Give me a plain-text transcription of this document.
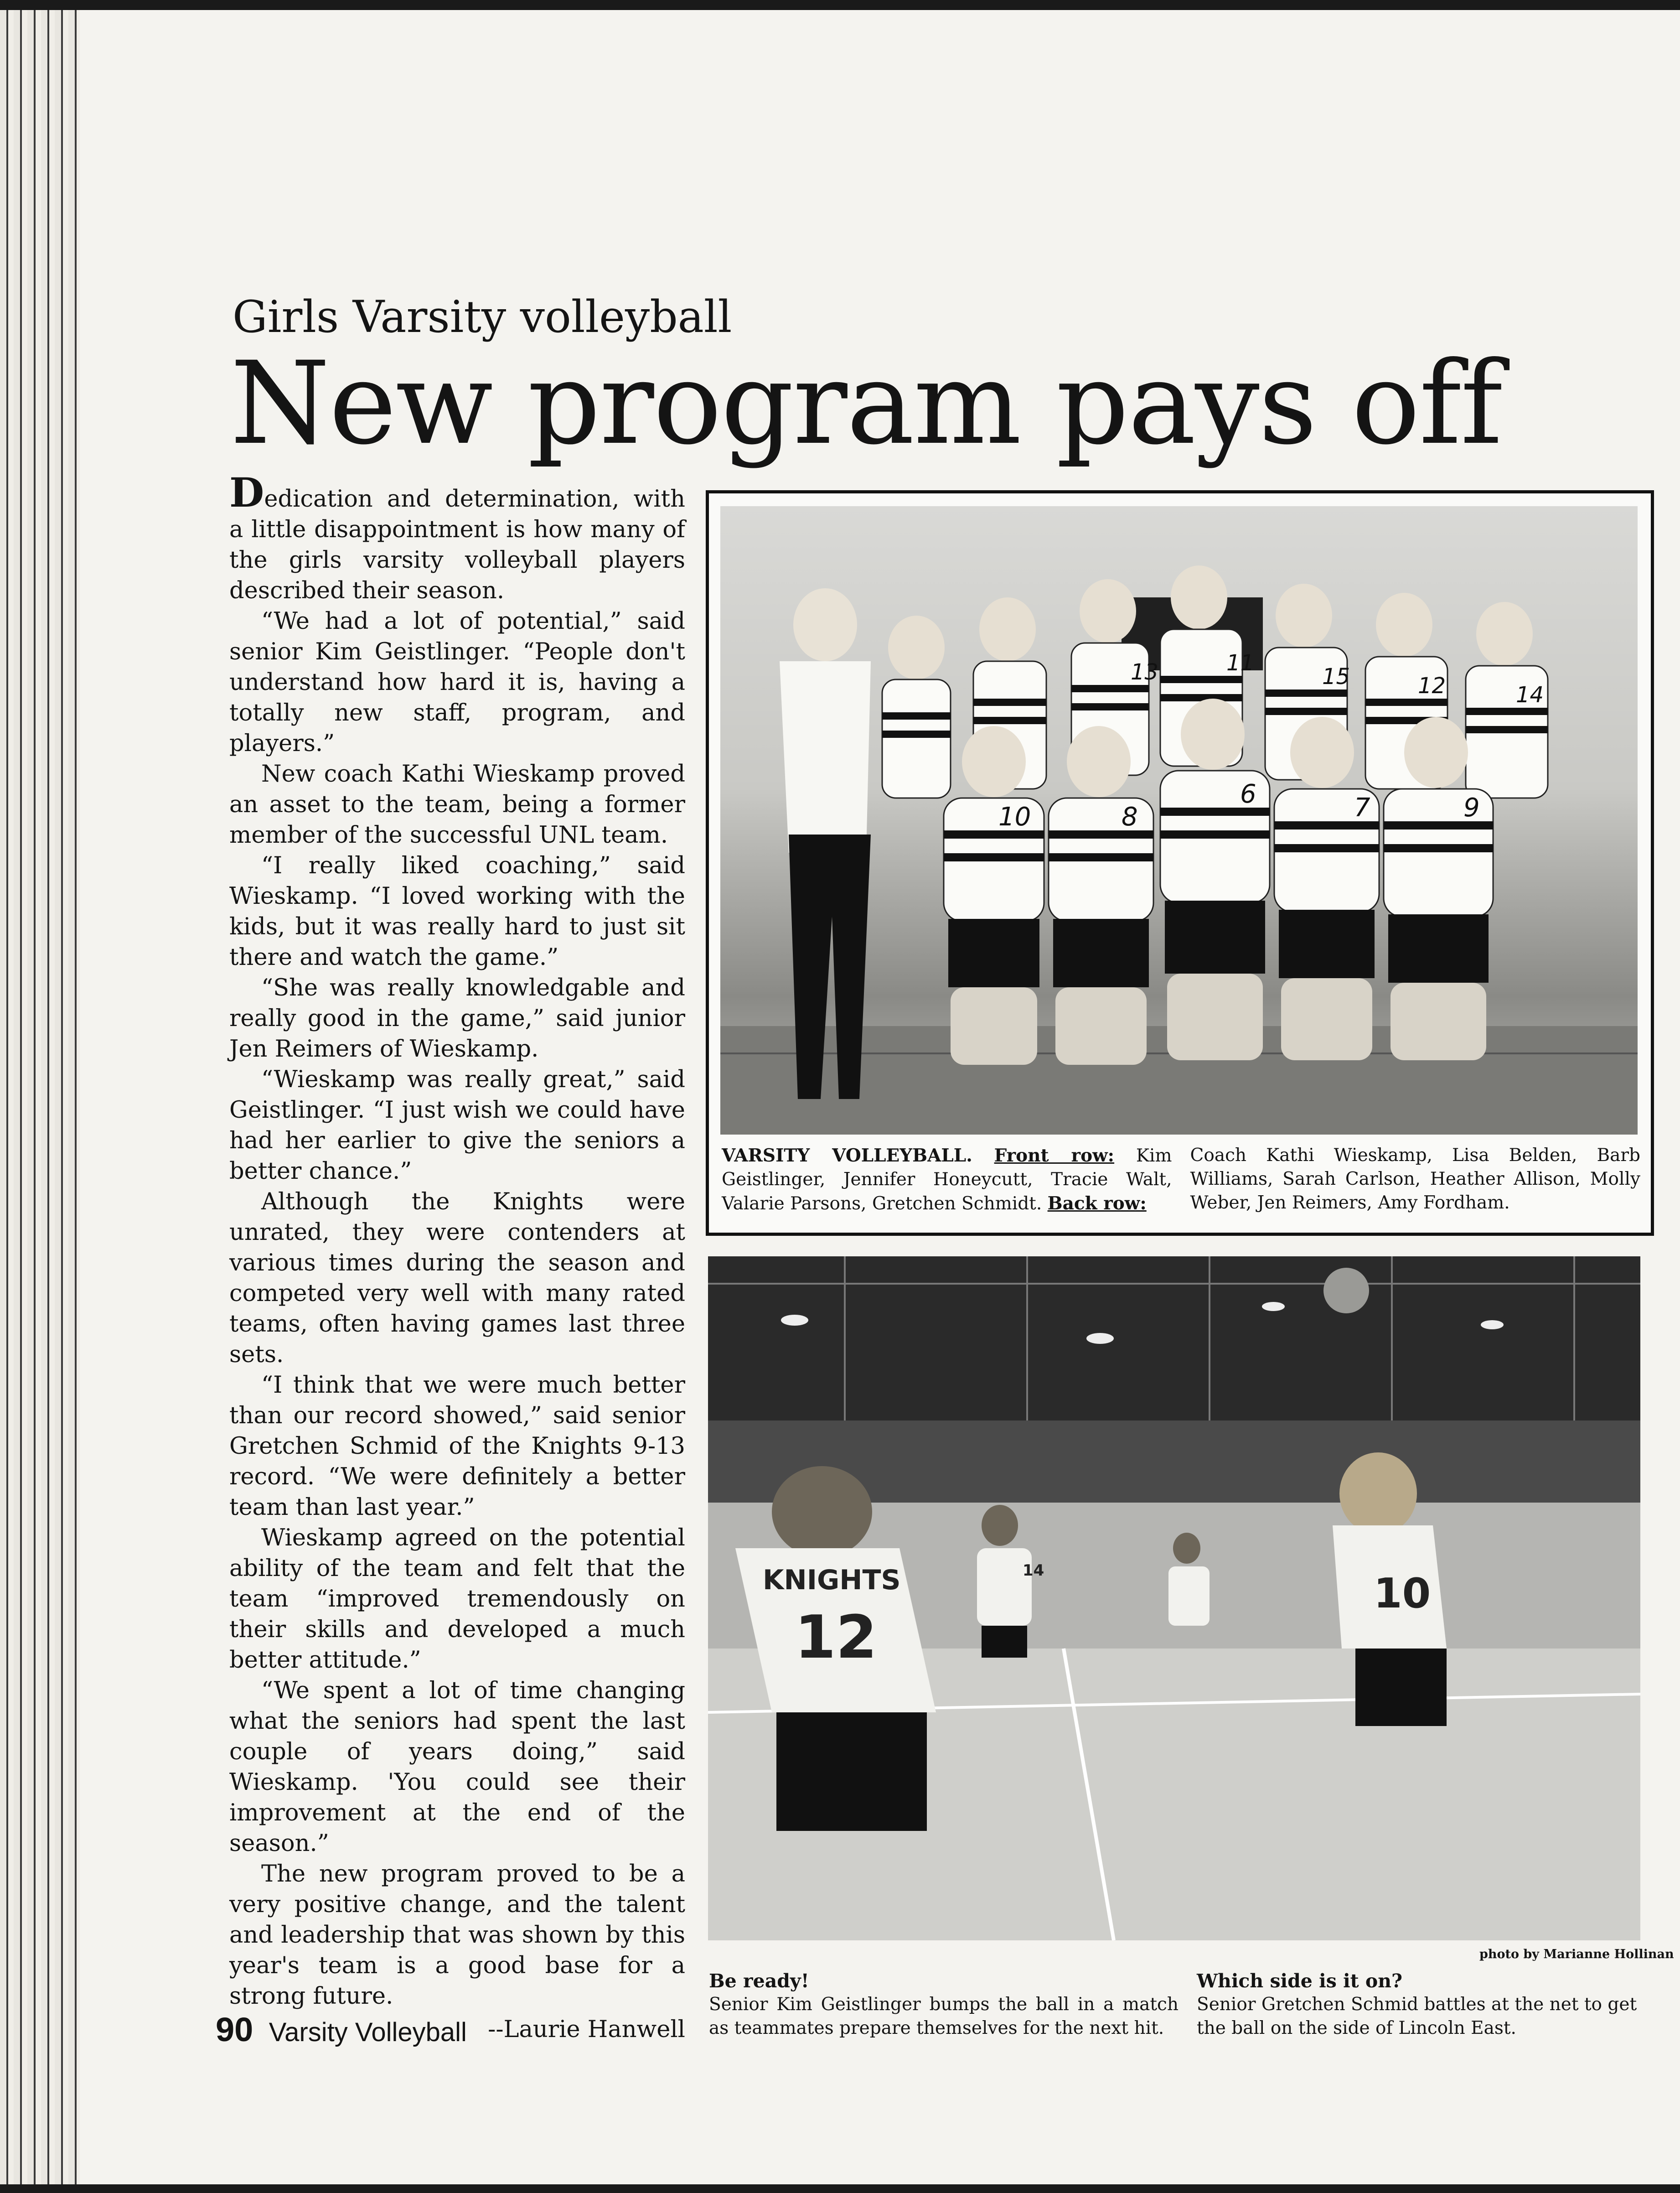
Girls Varsity volleyball
New program pays off

Dedication and determination, with a little disappointment is how many of the girls varsity volleyball players described their season.

“We had a lot of potential,” said senior Kim Geistlinger. “People don't understand how hard it is, having a totally new staff, program, and players.”

New coach Kathi Wieskamp proved an asset to the team, being a former member of the successful UNL team.

“I really liked coaching,” said Wieskamp. “I loved working with the kids, but it was really hard to just sit there and watch the game.”

“She was really knowledgable and really good in the game,” said junior Jen Reimers of Wieskamp.

“Wieskamp was really great,” said Geistlinger. “I just wish we could have had her earlier to give the seniors a better chance.”

Although the Knights were unrated, they were contenders at various times during the season and competed very well with many rated teams, often having games last three sets.

“I think that we were much better than our record showed,” said senior Gretchen Schmid of the Knights 9-13 record. “We were definitely a better team than last year.”

Wieskamp agreed on the potential ability of the team and felt that the team “improved tremendously on their skills and developed a much better attitude.”

“We spent a lot of time changing what the seniors had spent the last couple of years doing,” said Wieskamp. 'You could see their improvement at the end of the season.”

The new program proved to be a very positive change, and the talent and leadership that was shown by this year's team is a good base for a strong future.

--Laurie Hanwell
13	11
15	12	14
10	8
6	7	9
VARSITY VOLLEYBALL. Front row: Kim Geistlinger, Jennifer Honeycutt, Tracie Walt, Valarie Parsons, Gretchen Schmidt. Back row:
Coach Kathi Wieskamp, Lisa Belden, Barb Williams, Sarah Carlson, Heather Allison, Molly Weber, Jen Reimers, Amy Fordham.
KNIGHTS
12
14	10
photo by Marianne Hollinan
Be ready!
Senior Kim Geistlinger bumps the ball in a match as teammates prepare themselves for the next hit.
Which side is it on?
Senior Gretchen Schmid battles at the net to get the ball on the side of Lincoln East.
90 Varsity Volleyball
